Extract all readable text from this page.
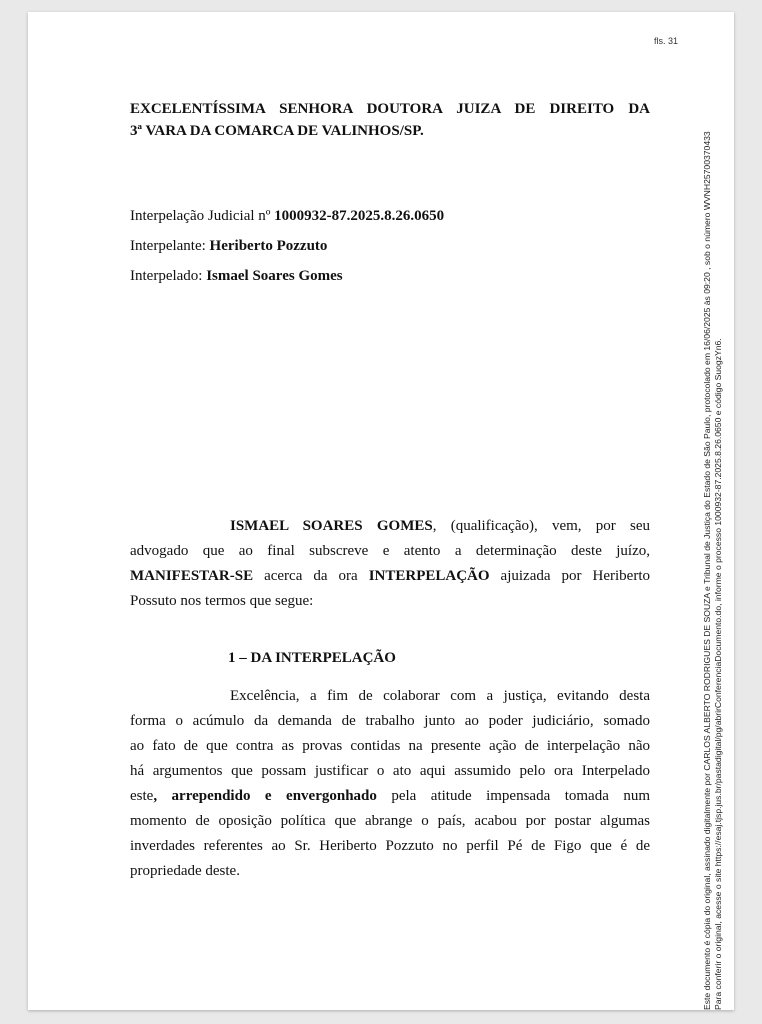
fls. 31
EXCELENTÍSSIMA SENHORA DOUTORA JUIZA DE DIREITO DA
3ª VARA DA COMARCA DE VALINHOS/SP.
Interpelação Judicial nº 1000932-87.2025.8.26.0650
Interpelante: Heriberto Pozzuto
Interpelado: Ismael Soares Gomes
ISMAEL SOARES GOMES, (qualificação), vem, por seu
advogado que ao final subscreve e atento a determinação deste juízo,
MANIFESTAR-SE acerca da ora INTERPELAÇÃO ajuizada por Heriberto
Possuto nos termos que segue:
1 – DA INTERPELAÇÃO
Excelência, a fim de colaborar com a justiça, evitando desta
forma o acúmulo da demanda de trabalho junto ao poder judiciário, somado
ao fato de que contra as provas contidas na presente ação de interpelação não
há argumentos que possam justificar o ato aqui assumido pelo ora Interpelado
este, arrependido e envergonhado pela atitude impensada tomada num
momento de oposição política que abrange o país, acabou por postar algumas
inverdades referentes ao Sr. Heriberto Pozzuto no perfil Pé de Figo que é de
propriedade deste.	Este documento é cópia do original, assinado digitalmente por CARLOS ALBERTO RODRIGUES DE SOUZA e Tribunal de Justiça do Estado de São Paulo, protocolado em 16/06/2025 às 09:20 , sob o número WVNH25700370433 Para conferir o original, acesse o site https://esaj.tjsp.jus.br/pastadigital/pg/abrirConferenciaDocumento.do, informe o processo 1000932-87.2025.8.26.0650 e código SuogzYn6.
